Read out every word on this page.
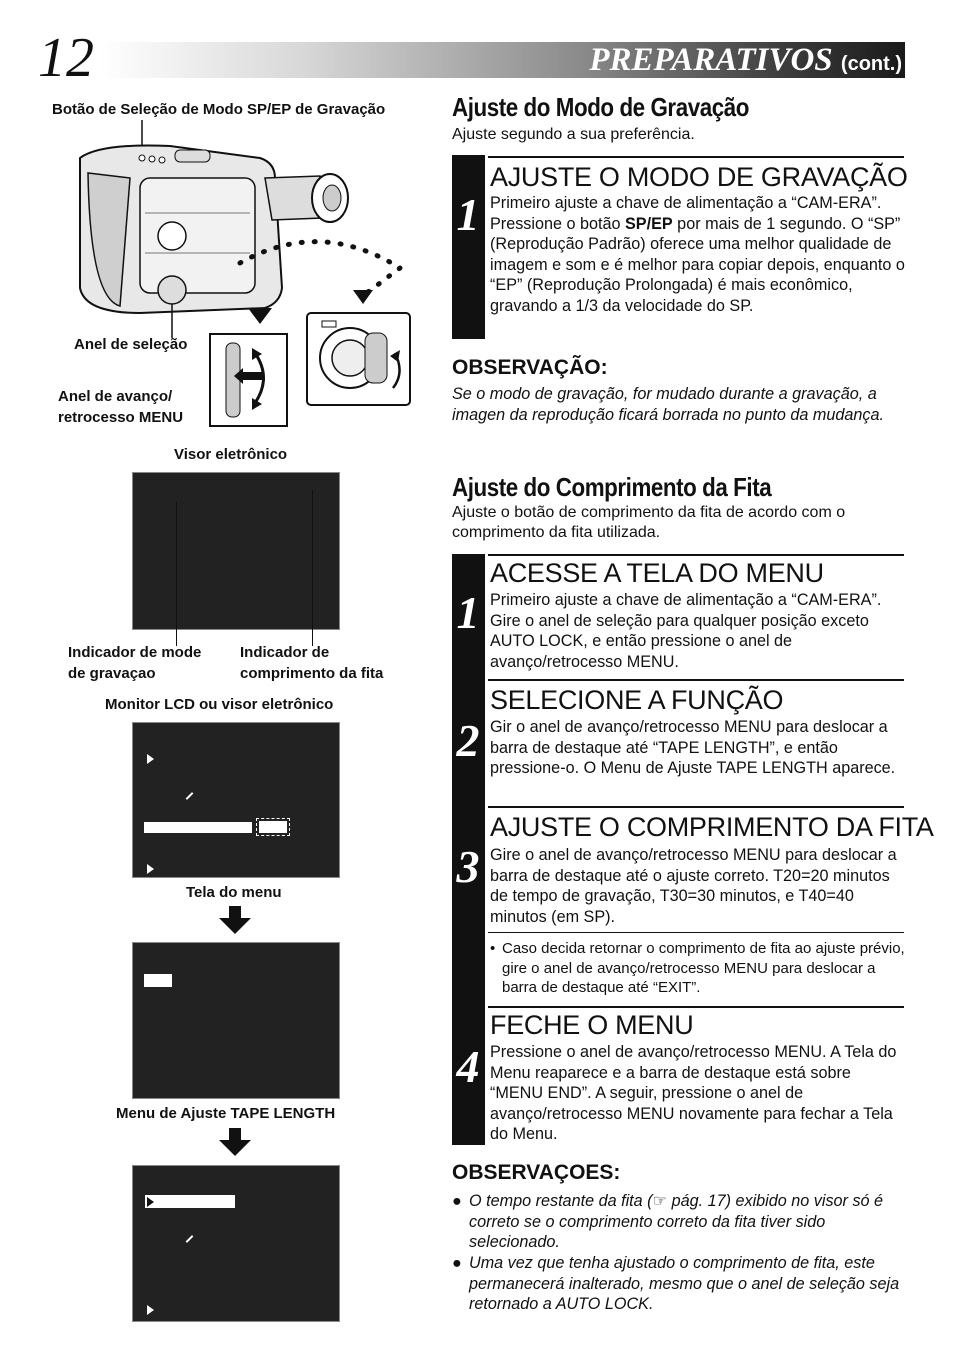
12	PREPARATIVOS (cont.)
Botão de Seleção de Modo SP/EP de Gravação
Anel de seleção
Anel de avanço/
retrocesso MENU
Visor eletrônico
Indicador de mode
de gravaçao
Indicador de
comprimento da fita
Monitor LCD ou visor eletrônico
Tela do menu
Menu de Ajuste TAPE LENGTH
Ajuste do Modo de Gravação
Ajuste segundo a sua preferência.
1
AJUSTE O MODO DE GRAVAÇÃO
Primeiro ajuste a chave de alimentação a “CAM-ERA”. Pressione o botão SP/EP por mais de 1 segundo. O “SP” (Reprodução Padrão) oferece uma melhor qualidade de imagem e som e é melhor para copiar depois, enquanto o “EP” (Reprodução Prolongada) é mais econômico, gravando a 1/3 da velocidade do SP.
OBSERVAÇÃO:
Se o modo de gravação, for mudado durante a gravação, a imagen da reprodução ficará borrada no punto da mudança.
Ajuste do Comprimento da Fita
Ajuste o botão de comprimento da fita de acordo com o comprimento da fita utilizada.
1
ACESSE A TELA DO MENU
Primeiro ajuste a chave de alimentação a “CAM-ERA”. Gire o anel de seleção para qualquer posição exceto AUTO LOCK, e então pressione o anel de avanço/retrocesso MENU.
2
SELECIONE A FUNÇÃO
Gir o anel de avanço/retrocesso MENU para deslocar a barra de destaque até “TAPE LENGTH”, e então pressione-o. O Menu de Ajuste TAPE LENGTH aparece.
3
AJUSTE O COMPRIMENTO DA FITA
Gire o anel de avanço/retrocesso MENU para deslocar a barra de destaque até o ajuste correto. T20=20 minutos de tempo de gravação, T30=30 minutos, e T40=40 minutos (em SP).
• Caso decida retornar o comprimento de fita ao ajuste prévio, gire o anel de avanço/retrocesso MENU para deslocar a barra de destaque até “EXIT”.
4
FECHE O MENU
Pressione o anel de avanço/retrocesso MENU. A Tela do Menu reaparece e a barra de destaque está sobre “MENU END”. A seguir, pressione o anel de avanço/retrocesso MENU novamente para fechar a Tela do Menu.
OBSERVAÇOES:
● O tempo restante da fita (☞ pág. 17) exibido no visor só é correto se o comprimento correto da fita tiver sido selecionado.
● Uma vez que tenha ajustado o comprimento de fita, este permanecerá inalterado, mesmo que o anel de seleção seja retornado a AUTO LOCK.
